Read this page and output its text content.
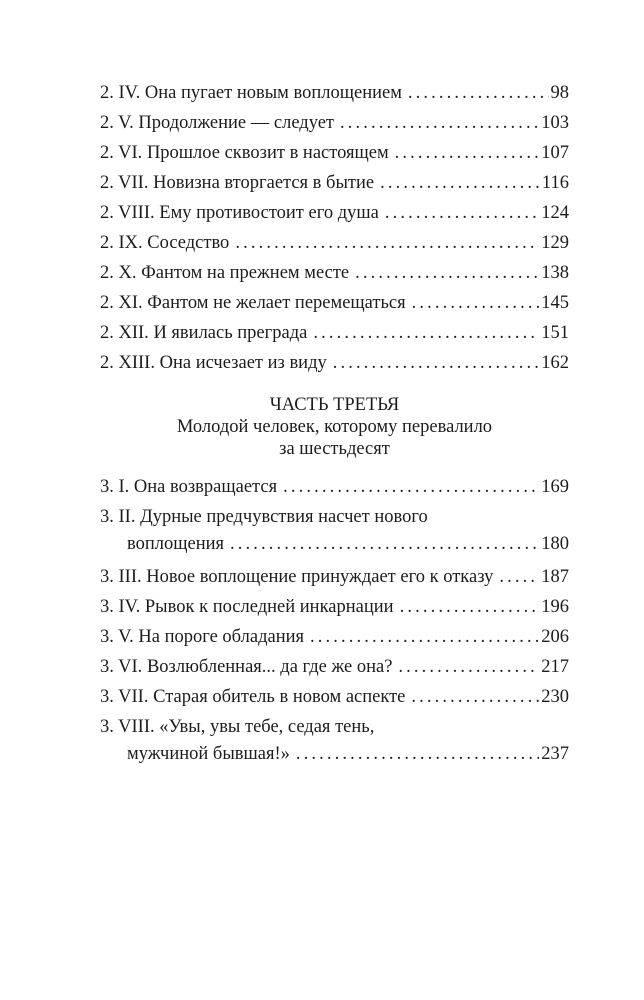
2. IV. Она пугает новым воплощением . . .	98
2. V. Продолжение — следует . . .	103
2. VI. Прошлое сквозит в настоящем . . .	107
2. VII. Новизна вторгается в бытие . . .	116
2. VIII. Ему противостоит его душа . . .	124
2. IX. Соседство . . .	129
2. X. Фантом на прежнем месте . . .	138
2. XI. Фантом не желает перемещаться . . .	145
2. XII. И явилась преграда . . .	151
2. XIII. Она исчезает из виду . . .	162
ЧАСТЬ ТРЕТЬЯ
Молодой человек, которому перевалило
за шестьдесят
3. I. Она возвращается . . .	169
3. II. Дурные предчувствия насчет нового
воплощения . . .	180
3. III. Новое воплощение принуждает его к отказу . . .	187
3. IV. Рывок к последней инкарнации . . .	196
3. V. На пороге обладания . . .	206
3. VI. Возлюбленная... да где же она? . . .	217
3. VII. Старая обитель в новом аспекте . . .	230
3. VIII. «Увы, увы тебе, седая тень,
мужчиной бывшая!» . . .	237
